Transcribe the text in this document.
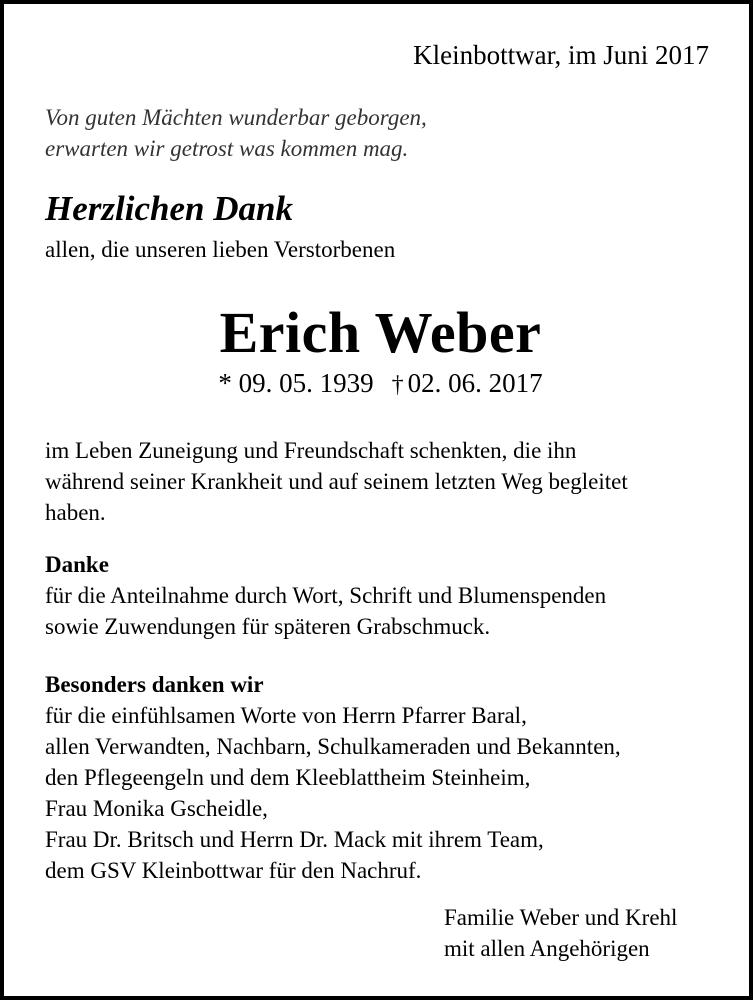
Kleinbottwar, im Juni 2017
Von guten Mächten wunderbar geborgen,
erwarten wir getrost was kommen mag.
Herzlichen Dank
allen, die unseren lieben Verstorbenen
Erich Weber
* 09. 05. 1939 † 02. 06. 2017
im Leben Zuneigung und Freundschaft schenkten, die ihn
während seiner Krankheit und auf seinem letzten Weg begleitet
haben.
Danke
für die Anteilnahme durch Wort, Schrift und Blumenspenden
sowie Zuwendungen für späteren Grabschmuck.
Besonders danken wir
für die einfühlsamen Worte von Herrn Pfarrer Baral,
allen Verwandten, Nachbarn, Schulkameraden und Bekannten,
den Pflegeengeln und dem Kleeblattheim Steinheim,
Frau Monika Gscheidle,
Frau Dr. Britsch und Herrn Dr. Mack mit ihrem Team,
dem GSV Kleinbottwar für den Nachruf.
Familie Weber und Krehl
mit allen Angehörigen
